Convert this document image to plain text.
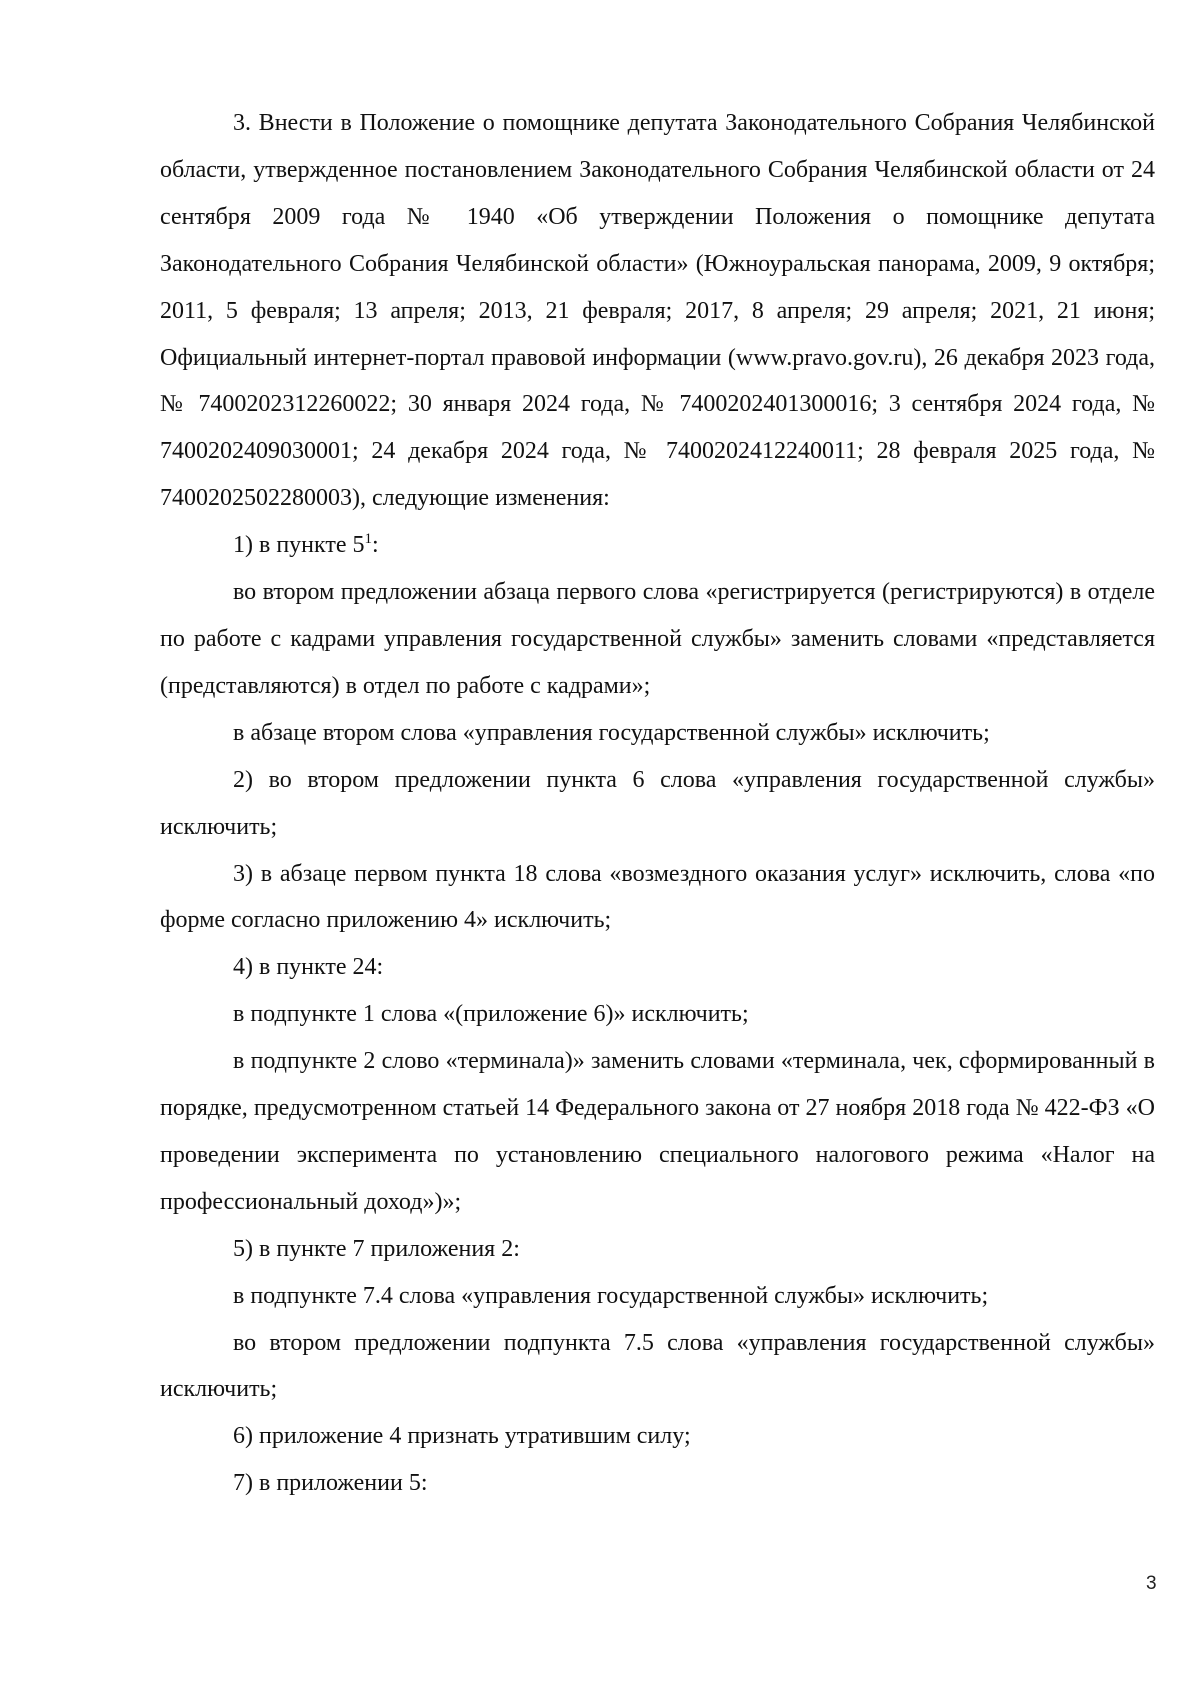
3. Внести в Положение о помощнике депутата Законодательного Собрания Челябинской области, утвержденное постановлением Законодательного Собрания Челябинской области от 24 сентября 2009 года № 1940 «Об утверждении Положения о помощнике депутата Законодательного Собрания Челябинской области» (Южноуральская панорама, 2009, 9 октября; 2011, 5 февраля; 13 апреля; 2013, 21 февраля; 2017, 8 апреля; 29 апреля; 2021, 21 июня; Официальный интернет-портал правовой информации (www.pravo.gov.ru), 26 декабря 2023 года, № 7400202312260022; 30 января 2024 года, № 7400202401300016; 3 сентября 2024 года, № 7400202409030001; 24 декабря 2024 года, № 7400202412240011; 28 февраля 2025 года, № 7400202502280003), следующие изменения:

1) в пункте $5^1$:

во втором предложении абзаца первого слова «регистрируется (регистрируются) в отделе по работе с кадрами управления государственной службы» заменить словами «представляется (представляются) в отдел по работе с кадрами»;

в абзаце втором слова «управления государственной службы» исключить;

2) во втором предложении пункта 6 слова «управления государственной службы» исключить;

3) в абзаце первом пункта 18 слова «возмездного оказания услуг» исключить, слова «по форме согласно приложению 4» исключить;

4) в пункте 24:

в подпункте 1 слова «(приложение 6)» исключить;

в подпункте 2 слово «терминала)» заменить словами «терминала, чек, сформированный в порядке, предусмотренном статьей 14 Федерального закона от 27 ноября 2018 года № 422-ФЗ «О проведении эксперимента по установлению специального налогового режима «Налог на профессиональный доход»)»;

5) в пункте 7 приложения 2:

в подпункте 7.4 слова «управления государственной службы» исключить;

во втором предложении подпункта 7.5 слова «управления государственной службы» исключить;

6) приложение 4 признать утратившим силу;

7) в приложении 5:

3
